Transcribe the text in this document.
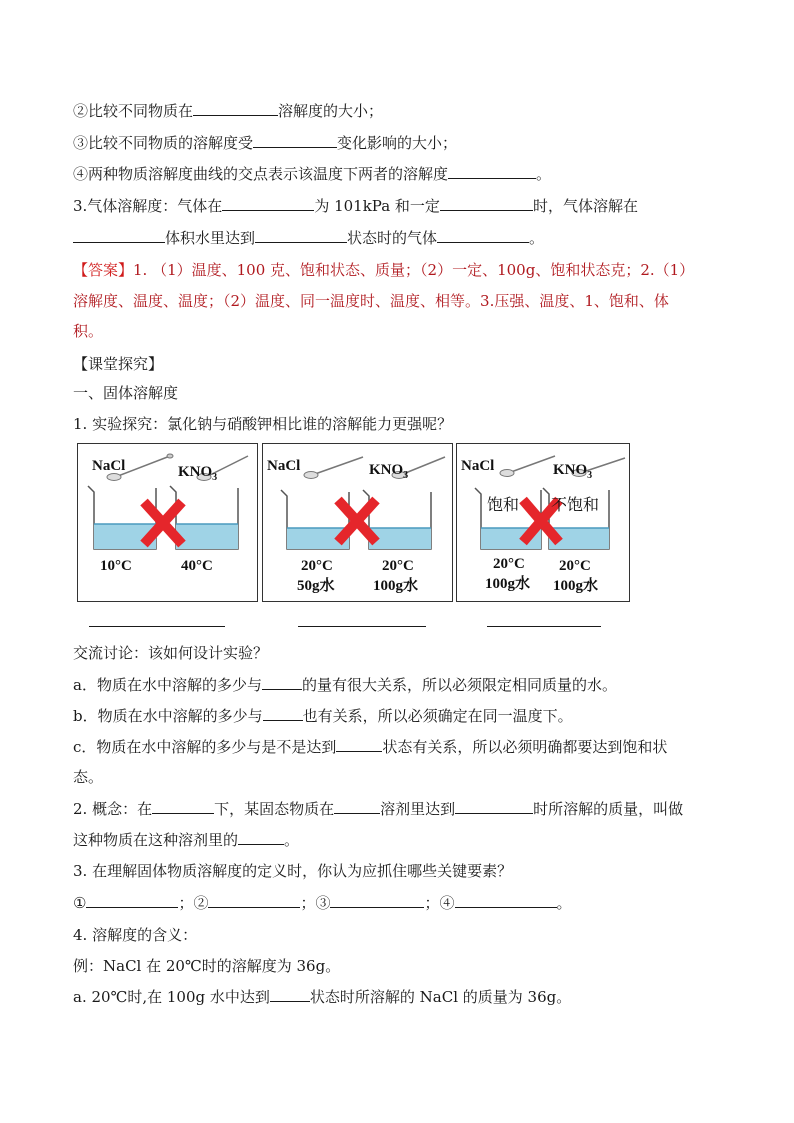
②比较不同物质在	溶解度的大小；
③比较不同物质的溶解度受	变化影响的大小；
④两种物质溶解度曲线的交点表示该温度下两者的溶解度	。
3.气体溶解度：气体在	为 101kPa 和一定	时，气体溶解在
体积水里达到	状态时的气体	。
【答案】1. （1）温度、100 克、饱和状态、质量；（2）一定、100g、饱和状态克；2.（1）
溶解度、温度、温度；（2）温度、同一温度时、温度、相等。3.压强、温度、1、饱和、体
积。
【课堂探究】
一、固体溶解度
1. 实验探究：氯化钠与硝酸钾相比谁的溶解能力更强呢？
NaCl	$KNO_3$
10°C	40°C
NaCl	$KNO_3$
20°C
50g水
20°C
100g水
NaCl	$KNO_3$
饱和 不饱和
20°C
100g水
20°C
100g水
交流讨论：该如何设计实验？
a．物质在水中溶解的多少与	的量有很大关系，所以必须限定相同质量的水。
b．物质在水中溶解的多少与	也有关系，所以必须确定在同一温度下。
c．物质在水中溶解的多少与是不是达到	状态有关系，所以必须明确都要达到饱和状
态。
2. 概念：在	下，某固态物质在	溶剂里达到	时所溶解的质量，叫做
这种物质在这种溶剂里的	。
3. 在理解固体物质溶解度的定义时，你认为应抓住哪些关键要素？
①	；②	；③	；④	。
4. 溶解度的含义：
例：NaCl 在 20℃时的溶解度为 36g。
a. 20℃时,在 100g 水中达到	状态时所溶解的 NaCl 的质量为 36g。
